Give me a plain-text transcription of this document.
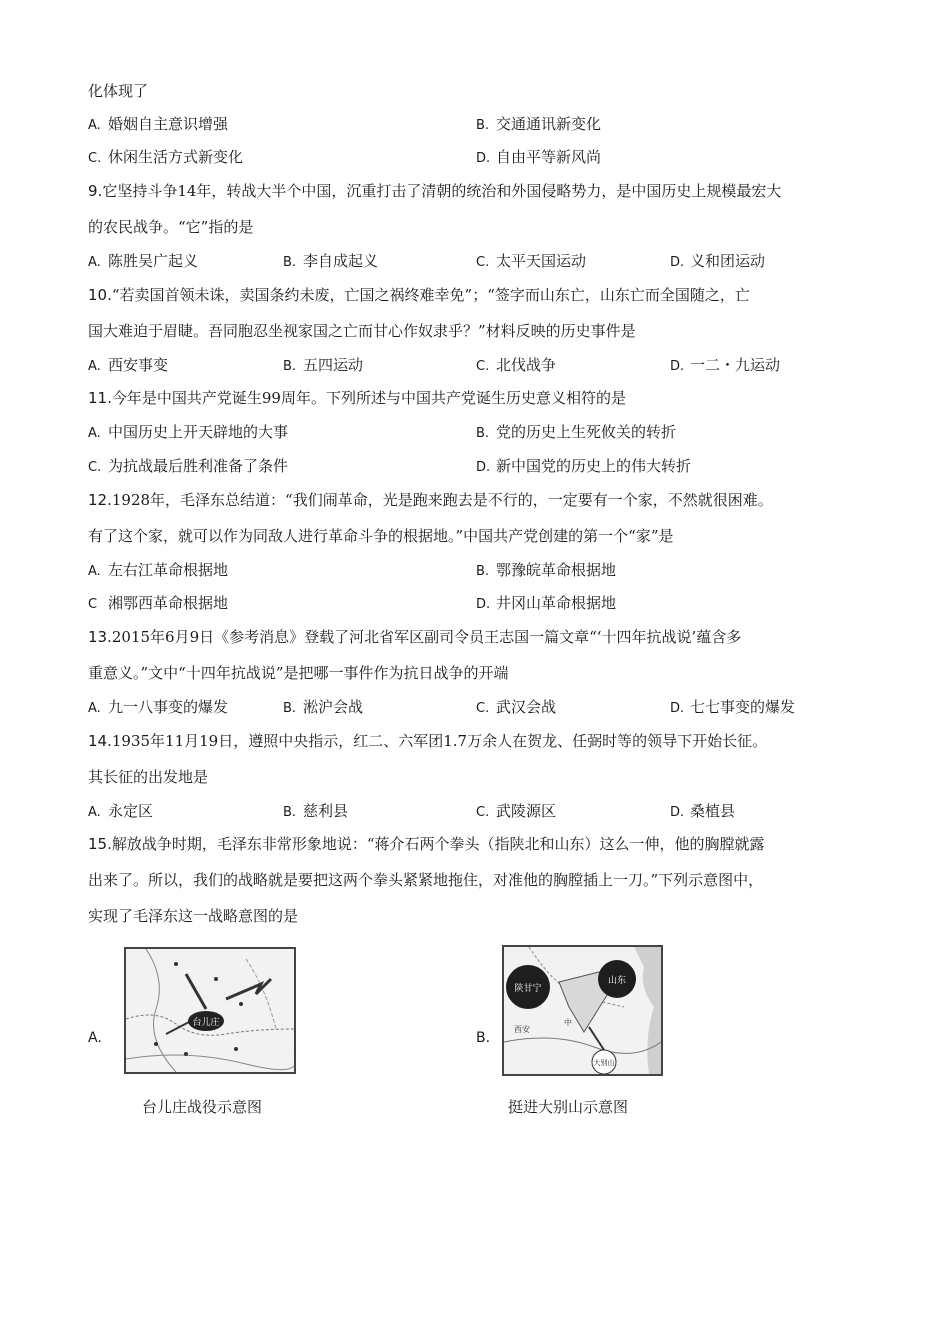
化体现了
A. 婚姻自主意识增强	B. 交通通讯新变化
C. 休闲生活方式新变化	D. 自由平等新风尚
9.它坚持斗争14年，转战大半个中国，沉重打击了清朝的统治和外国侵略势力，是中国历史上规模最宏大
的农民战争。“它”指的是
A. 陈胜吴广起义	B. 李自成起义	C. 太平天国运动	D. 义和团运动
10.“若卖国首领未诛，卖国条约未废，亡国之祸终难幸免”；“签字而山东亡，山东亡而全国随之，亡
国大难迫于眉睫。吾同胞忍坐视家国之亡而甘心作奴隶乎？”材料反映的历史事件是
A. 西安事变	B. 五四运动	C. 北伐战争	D. 一二・九运动
11.今年是中国共产党诞生99周年。下列所述与中国共产党诞生历史意义相符的是
A. 中国历史上开天辟地的大事	B. 党的历史上生死攸关的转折
C. 为抗战最后胜利准备了条件	D. 新中国党的历史上的伟大转折
12.1928年，毛泽东总结道：“我们闹革命，光是跑来跑去是不行的，一定要有一个家，不然就很困难。
有了这个家，就可以作为同敌人进行革命斗争的根据地。”中国共产党创建的第一个“家”是
A. 左右江革命根据地	B. 鄂豫皖革命根据地
C 湘鄂西革命根据地	D. 井冈山革命根据地
13.2015年6月9日《参考消息》登载了河北省军区副司令员王志国一篇文章“‘十四年抗战说’蕴含多
重意义。”文中“十四年抗战说”是把哪一事件作为抗日战争的开端
A. 九一八事变的爆发	B. 淞沪会战	C. 武汉会战	D. 七七事变的爆发
14.1935年11月19日，遵照中央指示，红二、六军团1.7万余人在贺龙、任弼时等的领导下开始长征。
其长征的出发地是
A. 永定区	B. 慈利县	C. 武陵源区	D. 桑植县
15.解放战争时期，毛泽东非常形象地说：“蒋介石两个拳头（指陕北和山东）这么一伸，他的胸膛就露
出来了。所以，我们的战略就是要把这两个拳头紧紧地拖住，对准他的胸膛插上一刀。”下列示意图中，
实现了毛泽东这一战略意图的是
A.
台儿庄
台儿庄战役示意图
B.
陕甘宁
山东
西安
中
大别山
挺进大别山示意图
